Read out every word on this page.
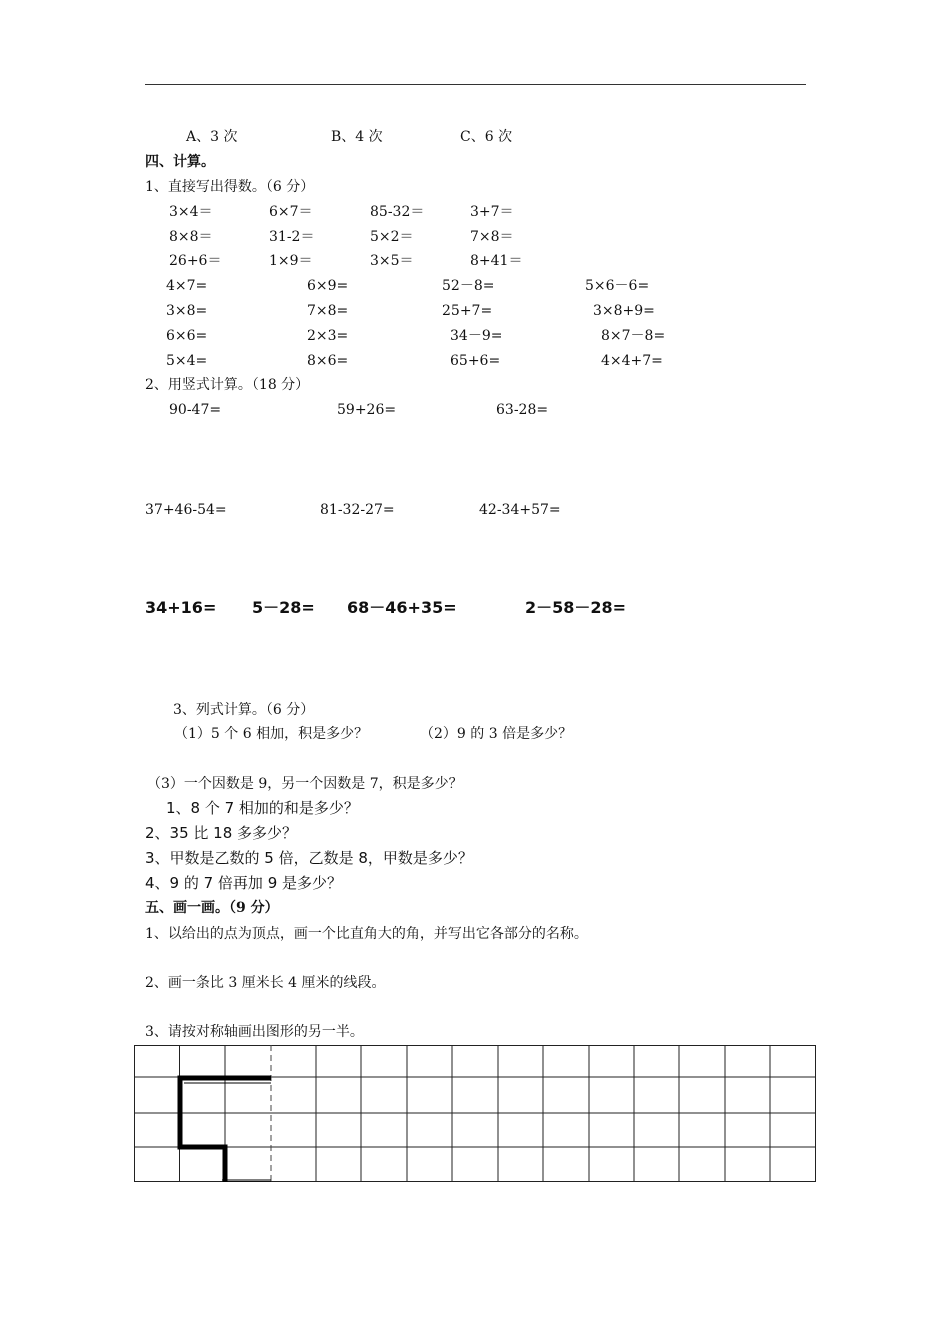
A、3 次	B、4 次	C、6 次
四、计算。
1、直接写出得数。（6 分）
3×4＝	6×7＝	85-32＝	3+7＝
8×8＝	31-2＝	5×2＝	7×8＝
26+6＝	1×9＝	3×5＝	8+41＝
4×7=	6×9=	52－8=	5×6－6=
3×8=	7×8=	25+7=	3×8+9=
6×6=	2×3=	34－9=	8×7－8=
5×4=	8×6=	65+6=	4×4+7=
2、用竖式计算。（18 分）
90-47=	59+26=	63-28=
37+46-54=	81-32-27=	42-34+57=
34+16= 5－28= 68－46+35=	2－58－28=
3、列式计算。（6 分）
（1）5 个 6 相加，积是多少？	（2）9 的 3 倍是多少？
（3）一个因数是 9，另一个因数是 7，积是多少？
1、8 个 7 相加的和是多少？
2、35 比 18 多多少？
3、甲数是乙数的 5 倍，乙数是 8，甲数是多少？
4、9 的 7 倍再加 9 是多少？
五、画一画。（9 分）
1、以给出的点为顶点，画一个比直角大的角，并写出它各部分的名称。
2、画一条比 3 厘米长 4 厘米的线段。
3、请按对称轴画出图形的另一半。
